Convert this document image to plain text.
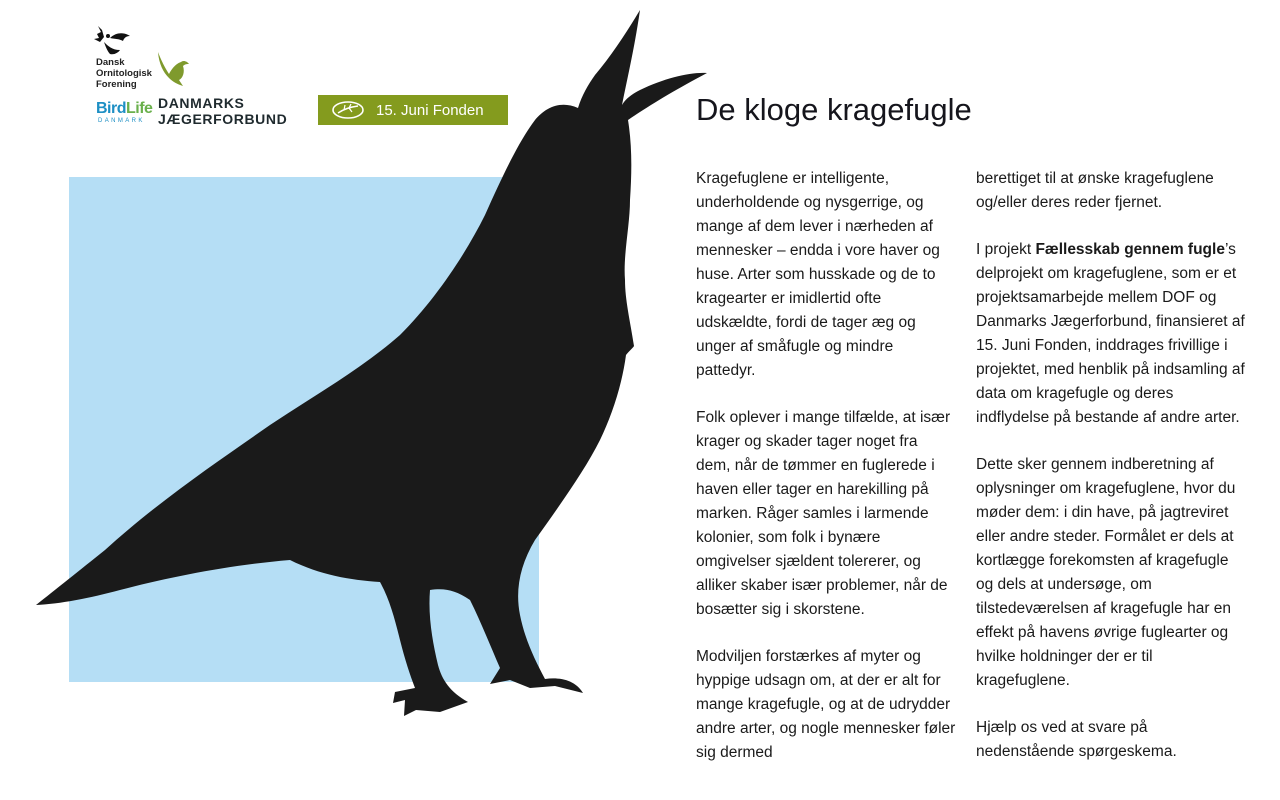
Dansk
Ornitologisk
Forening
BirdLife
DANMARK
DANMARKS
JÆGERFORBUND
15. Juni Fonden	De kloge kragefugle

Kragefuglene er intelligente, underholdende og nysgerrige, og mange af dem lever i nærheden af mennesker – endda i vore haver og huse. Arter som husskade og de to kragearter er imidlertid ofte udskældte, fordi de tager æg og unger af småfugle og mindre pattedyr.

Folk oplever i mange tilfælde, at især krager og skader tager noget fra dem, når de tømmer en fuglerede i haven eller tager en harekilling på marken. Råger samles i larmende kolonier, som folk i bynære omgivelser sjældent tolererer, og alliker skaber især problemer, når de bosætter sig i skorstene.

Modviljen forstærkes af myter og hyppige udsagn om, at der er alt for mange kragefugle, og at de udrydder andre arter, og nogle mennesker føler sig dermed

berettiget til at ønske kragefuglene og/eller deres reder fjernet.

I projekt Fællesskab gennem fugle’s delprojekt om kragefuglene, som er et projektsamarbejde mellem DOF og Danmarks Jægerforbund, finansieret af 15. Juni Fonden, inddrages frivillige i projektet, med henblik på indsamling af data om kragefugle og deres indflydelse på bestande af andre arter.

Dette sker gennem indberetning af oplysninger om kragefuglene, hvor du møder dem: i din have, på jagtreviret eller andre steder. Formålet er dels at kortlægge forekomsten af kragefugle og dels at undersøge, om tilstedeværelsen af kragefugle har en effekt på havens øvrige fuglearter og hvilke holdninger der er til kragefuglene.

Hjælp os ved at svare på nedenstående spørgeskema.
